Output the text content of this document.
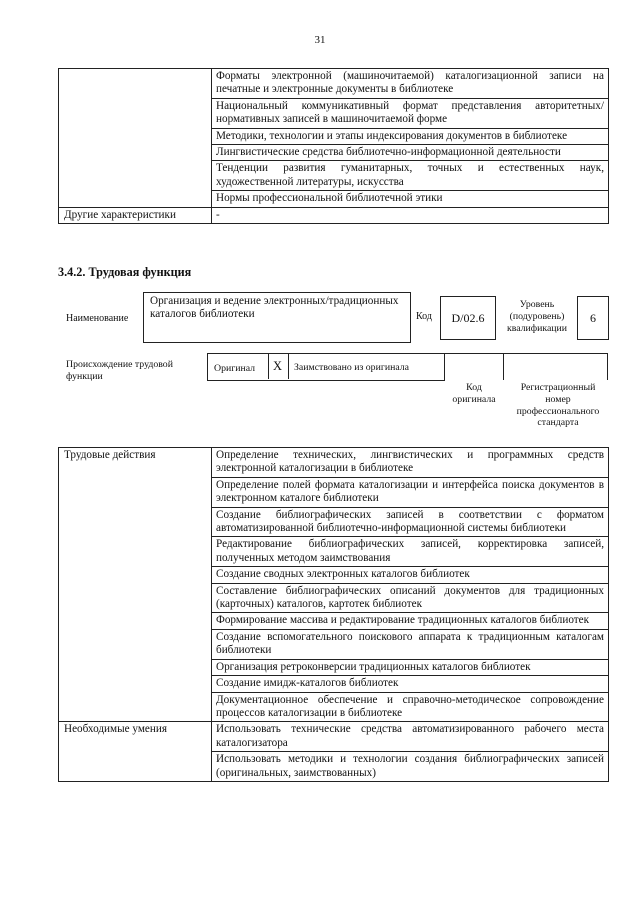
31
	Форматы электронной (машиночитаемой) каталогизационной записи на печатные и электронные документы в библиотеке
	Национальный коммуникативный формат представления авторитетных/нормативных записей в машиночитаемой форме
	Методики, технологии и этапы индексирования документов в библиотеке
	Лингвистические средства библиотечно-информационной деятельности
	Тенденции развития гуманитарных, точных и естественных наук, художественной литературы, искусства
	Нормы профессиональной библиотечной этики
Другие характеристики	-
3.4.2. Трудовая функция
Наименование
Организация и ведение электронных/традиционных каталогов библиотеки	Код	D/02.6
Уровень (подуровень) квалификации
6
Происхождение трудовой функции
Оригинал X Заимствовано из оригинала
Код оригинала
Регистрационный номер профессионального стандарта
Трудовые действия	Определение технических, лингвистических и программных средств электронной каталогизации в библиотеке
	Определение полей формата каталогизации и интерфейса поиска документов в электронном каталоге библиотеки
	Создание библиографических записей в соответствии с форматом автоматизированной библиотечно-информационной системы библиотеки
	Редактирование библиографических записей, корректировка записей, полученных методом заимствования
	Создание сводных электронных каталогов библиотек
	Составление библиографических описаний документов для традиционных (карточных) каталогов, картотек библиотек
	Формирование массива и редактирование традиционных каталогов библиотек
	Создание вспомогательного поискового аппарата к традиционным каталогам библиотеки
	Организация ретроконверсии традиционных каталогов библиотек
	Создание имидж-каталогов библиотек
	Документационное обеспечение и справочно-методическое сопровождение процессов каталогизации в библиотеке
Необходимые умения	Использовать технические средства автоматизированного рабочего места каталогизатора
	Использовать методики и технологии создания библиографических записей (оригинальных, заимствованных)
